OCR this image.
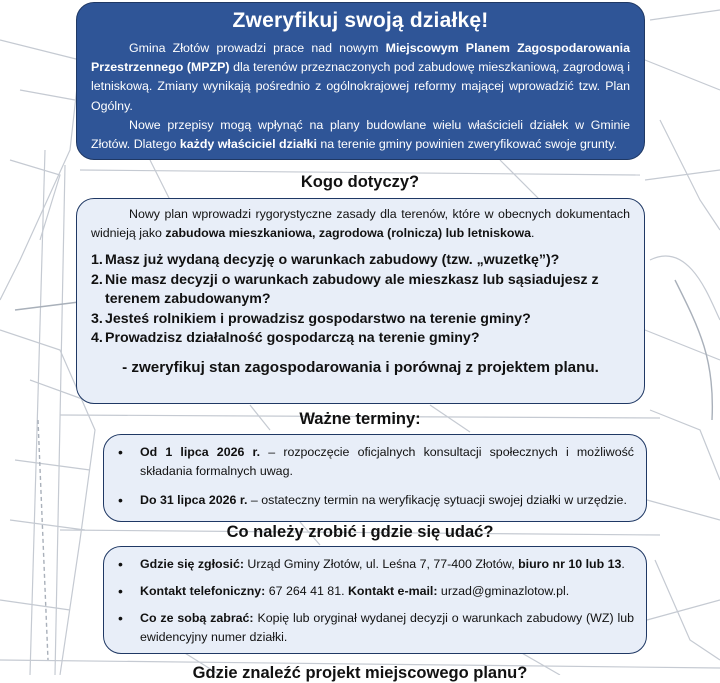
Zweryfikuj swoją działkę!

Gmina Złotów prowadzi prace nad nowym Miejscowym Planem Zagospodarowania Przestrzennego (MPZP) dla terenów przeznaczonych pod zabudowę mieszkaniową, zagrodową i letniskową. Zmiany wynikają pośrednio z ogólnokrajowej reformy mającej wprowadzić tzw. Plan Ogólny.

Nowe przepisy mogą wpłynąć na plany budowlane wielu właścicieli działek w Gminie Złotów. Dlatego każdy właściciel działki na terenie gminy powinien zweryfikować swoje grunty.

Kogo dotyczy?

Nowy plan wprowadzi rygorystyczne zasady dla terenów, które w obecnych dokumentach widnieją jako zabudowa mieszkaniowa, zagrodowa (rolnicza) lub letniskowa.

1. Masz już wydaną decyzję o warunkach zabudowy (tzw. „wuzetkę”)?
2. Nie masz decyzji o warunkach zabudowy ale mieszkasz lub sąsiadujesz z terenem zabudowanym?
3. Jesteś rolnikiem i prowadzisz gospodarstwo na terenie gminy?
4. Prowadzisz działalność gospodarczą na terenie gminy?
- zweryfikuj stan zagospodarowania i porównaj z projektem planu.
Ważne terminy:
• Od 1 lipca 2026 r. – rozpoczęcie oficjalnych konsultacji społecznych i możliwość składania formalnych uwag.
• Do 31 lipca 2026 r. – ostateczny termin na weryfikację sytuacji swojej działki w urzędzie.
Co należy zrobić i gdzie się udać?
• Gdzie się zgłosić: Urząd Gminy Złotów, ul. Leśna 7, 77-400 Złotów, biuro nr 10 lub 13.
• Kontakt telefoniczny: 67 264 41 81. Kontakt e-mail: urzad@gminazlotow.pl.
• Co ze sobą zabrać: Kopię lub oryginał wydanej decyzji o warunkach zabudowy (WZ) lub ewidencyjny numer działki.
Gdzie znaleźć projekt miejscowego planu?
